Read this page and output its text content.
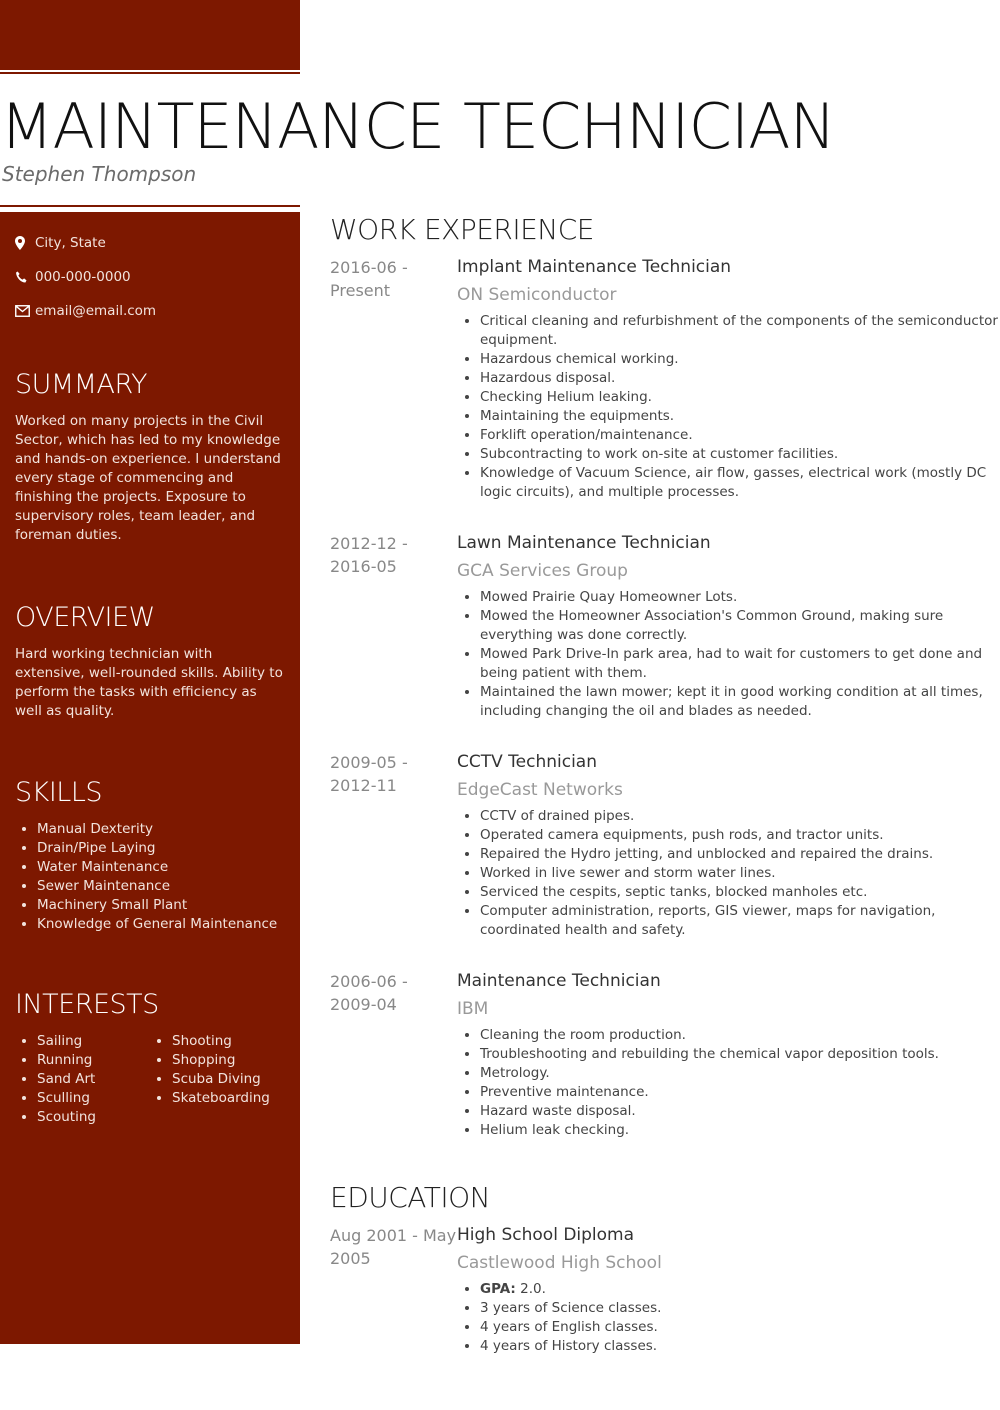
MAINTENANCE TECHNICIAN
Stephen Thompson
City, State
000-000-0000
email@email.com
SUMMARY

Worked on many projects in the Civil Sector, which has led to my knowledge and hands-on experience. I understand every stage of commencing and finishing the projects. Exposure to supervisory roles, team leader, and foreman duties.

OVERVIEW

Hard working technician with extensive, well-rounded skills. Ability to perform the tasks with efficiency as well as quality.

SKILLS
• Manual Dexterity
• Drain/Pipe Laying
• Water Maintenance
• Sewer Maintenance
• Machinery Small Plant
• Knowledge of General Maintenance
INTERESTS
• Sailing
• Running
• Sand Art
• Sculling
• Scouting
• Shooting
• Shopping
• Scuba Diving
• Skateboarding
WORK EXPERIENCE
2016-06 - Present
Implant Maintenance Technician
ON Semiconductor
• Critical cleaning and refurbishment of the components of the semiconductor equipment.
• Hazardous chemical working.
• Hazardous disposal.
• Checking Helium leaking.
• Maintaining the equipments.
• Forklift operation/maintenance.
• Subcontracting to work on-site at customer facilities.
• Knowledge of Vacuum Science, air flow, gasses, electrical work (mostly DC logic circuits), and multiple processes.
2012-12 - 2016-05
Lawn Maintenance Technician
GCA Services Group
• Mowed Prairie Quay Homeowner Lots.
• Mowed the Homeowner Association's Common Ground, making sure everything was done correctly.
• Mowed Park Drive-In park area, had to wait for customers to get done and being patient with them.
• Maintained the lawn mower; kept it in good working condition at all times, including changing the oil and blades as needed.
2009-05 - 2012-11
CCTV Technician
EdgeCast Networks
• CCTV of drained pipes.
• Operated camera equipments, push rods, and tractor units.
• Repaired the Hydro jetting, and unblocked and repaired the drains.
• Worked in live sewer and storm water lines.
• Serviced the cespits, septic tanks, blocked manholes etc.
• Computer administration, reports, GIS viewer, maps for navigation, coordinated health and safety.
2006-06 - 2009-04
Maintenance Technician
IBM
• Cleaning the room production.
• Troubleshooting and rebuilding the chemical vapor deposition tools.
• Metrology.
• Preventive maintenance.
• Hazard waste disposal.
• Helium leak checking.
EDUCATION
Aug 2001 - May 2005
High School Diploma
Castlewood High School
• GPA: 2.0.
• 3 years of Science classes.
• 4 years of English classes.
• 4 years of History classes.
